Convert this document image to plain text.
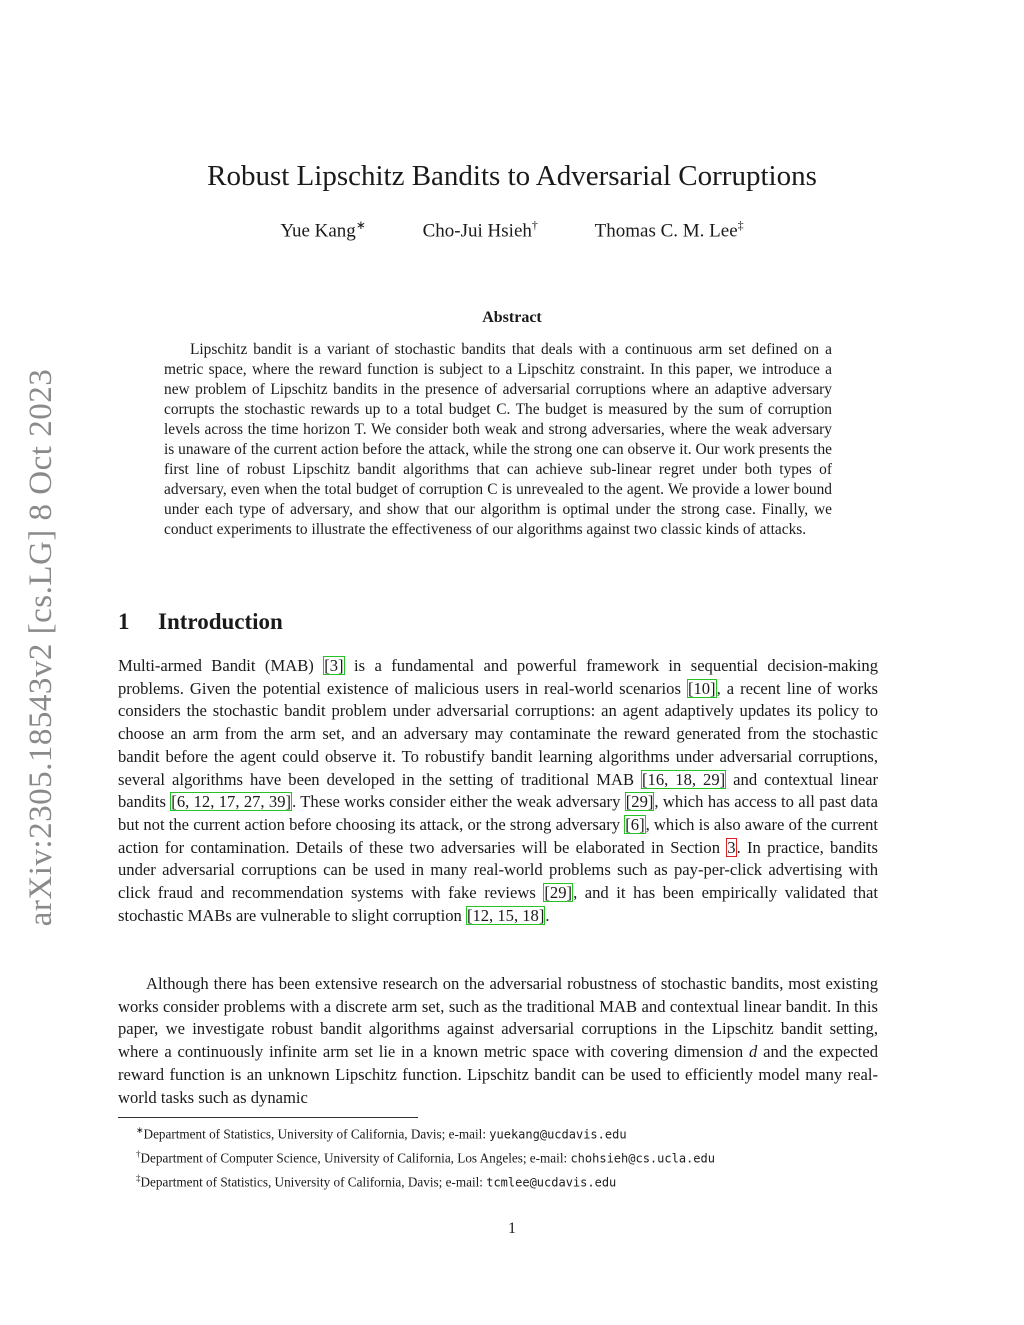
arXiv:2305.18543v2 [cs.LG] 8 Oct 2023
Robust Lipschitz Bandits to Adversarial Corruptions
Yue Kang∗	Cho-Jui Hsieh†	Thomas C. M. Lee‡
Abstract

Lipschitz bandit is a variant of stochastic bandits that deals with a continuous arm set defined on a metric space, where the reward function is subject to a Lipschitz constraint. In this paper, we introduce a new problem of Lipschitz bandits in the presence of adversarial corruptions where an adaptive adversary corrupts the stochastic rewards up to a total budget C. The budget is measured by the sum of corruption levels across the time horizon T. We consider both weak and strong adversaries, where the weak adversary is unaware of the current action before the attack, while the strong one can observe it. Our work presents the first line of robust Lipschitz bandit algorithms that can achieve sub-linear regret under both types of adversary, even when the total budget of corruption C is unrevealed to the agent. We provide a lower bound under each type of adversary, and show that our algorithm is optimal under the strong case. Finally, we conduct experiments to illustrate the effectiveness of our algorithms against two classic kinds of attacks.

1 Introduction

Multi-armed Bandit (MAB) [3] is a fundamental and powerful framework in sequential decision-making problems. Given the potential existence of malicious users in real-world scenarios [10], a recent line of works considers the stochastic bandit problem under adversarial corruptions: an agent adaptively updates its policy to choose an arm from the arm set, and an adversary may contaminate the reward generated from the stochastic bandit before the agent could observe it. To robustify bandit learning algorithms under adversarial corruptions, several algorithms have been developed in the setting of traditional MAB [16, 18, 29] and contextual linear bandits [6, 12, 17, 27, 39]. These works consider either the weak adversary [29], which has access to all past data but not the current action before choosing its attack, or the strong adversary [6], which is also aware of the current action for contamination. Details of these two adversaries will be elaborated in Section 3. In practice, bandits under adversarial corruptions can be used in many real-world problems such as pay-per-click advertising with click fraud and recommendation systems with fake reviews [29], and it has been empirically validated that stochastic MABs are vulnerable to slight corruption [12, 15, 18].

Although there has been extensive research on the adversarial robustness of stochastic bandits, most existing works consider problems with a discrete arm set, such as the traditional MAB and contextual linear bandit. In this paper, we investigate robust bandit algorithms against adversarial corruptions in the Lipschitz bandit setting, where a continuously infinite arm set lie in a known metric space with covering dimension d and the expected reward function is an unknown Lipschitz function. Lipschitz bandit can be used to efficiently model many real-world tasks such as dynamic

∗Department of Statistics, University of California, Davis; e-mail: yuekang@ucdavis.edu
†Department of Computer Science, University of California, Los Angeles; e-mail: chohsieh@cs.ucla.edu
‡Department of Statistics, University of California, Davis; e-mail: tcmlee@ucdavis.edu
1
